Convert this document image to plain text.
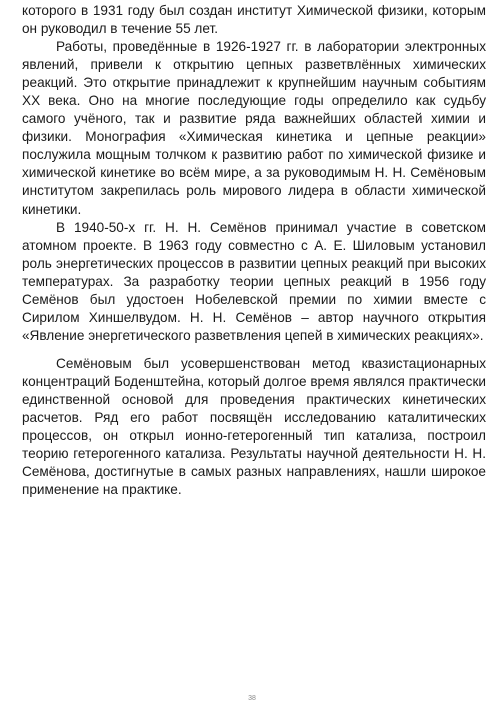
которого в 1931 году был создан институт Химической физики, которым он руководил в течение 55 лет.

Работы, проведённые в 1926-1927 гг. в лаборатории электронных явлений, привели к открытию цепных разветвлённых химических реакций. Это открытие принадлежит к крупнейшим научным событиям XX века. Оно на многие последующие годы определило как судьбу самого учёного, так и развитие ряда важнейших областей химии и физики. Монография «Химическая кинетика и цепные реакции» послужила мощным толчком к развитию работ по химической физике и химической кинетике во всём мире, а за руководимым Н. Н. Семёновым институтом закрепилась роль мирового лидера в области химической кинетики.

В 1940-50-х гг. Н. Н. Семёнов принимал участие в советском атомном проекте. В 1963 году совместно с А. Е. Шиловым установил роль энергетических процессов в развитии цепных реакций при высоких температурах. За разработку теории цепных реакций в 1956 году Семёнов был удостоен Нобелевской премии по химии вместе с Сирилом Хиншелвудом. Н. Н. Семёнов – автор научного открытия «Явление энергетического разветвления цепей в химических реакциях».

Семёновым был усовершенствован метод квазистационарных концентраций Боденштейна, который долгое время являлся практически единственной основой для проведения практических кинетических расчетов. Ряд его работ посвящён исследованию каталитических процессов, он открыл ионно-гетерогенный тип катализа, построил теорию гетерогенного катализа. Результаты научной деятельности Н. Н. Семёнова, достигнутые в самых разных направлениях, нашли широкое применение на практике.

38
